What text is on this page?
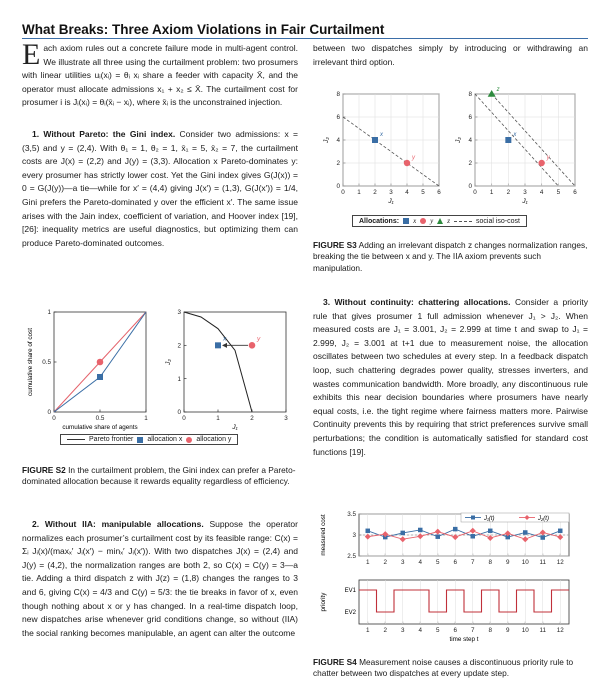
What Breaks: Three Axiom Violations in Fair Curtailment

Each axiom rules out a concrete failure mode in multi-agent control. We illustrate all three using the curtailment problem: two prosumers with linear utilities uᵢ(xᵢ) = θᵢ xᵢ share a feeder with capacity X̄, and the operator must allocate admissions x₁ + x₂ ≤ X̄. The curtailment cost for prosumer i is Jᵢ(xᵢ) = θᵢ(x̄ᵢ − xᵢ), where x̄ᵢ is the unconstrained injection.

1. Without Pareto: the Gini index. Consider two admissions: x = (3,5) and y = (2,4). With θ₁ = 1, θ₂ = 1, x̄₁ = 5, x̄₂ = 7, the curtailment costs are J(x) = (2,2) and J(y) = (3,3). Allocation x Pareto-dominates y: every prosumer has strictly lower cost. Yet the Gini index gives G(J(x)) = 0 = G(J(y))—a tie—while for x′ = (4,4) giving J(x′) = (1,3), G(J(x′)) = 1/4, Gini prefers the Pareto-dominated y over the efficient x′. The same issue arises with the Jain index, coefficient of variation, and Hoover index [19], [26]: inequality metrics are useful diagnostics, but optimizing them can produce Pareto-dominated outcomes.

0	0.5	1
0
0.5
1
cumulative share of agents
cumulative share of cost
0	1	2	3
0
1
2
3
J₁
J₂
x	y
Pareto frontier allocation x allocation y
FIGURE S2 In the curtailment problem, the Gini index can prefer a Pareto-dominated allocation because it rewards equality regardless of efficiency.

2. Without IIA: manipulable allocations. Suppose the operator normalizes each prosumer’s curtailment cost by its feasible range: C(x) = Σᵢ Jᵢ(x)/(maxₓ′ Jᵢ(x′) − minₓ′ Jᵢ(x′)). With two dispatches J(x) = (2,4) and J(y) = (4,2), the normalization ranges are both 2, so C(x) = C(y) = 3—a tie. Adding a third dispatch z with J(z) = (1,8) changes the ranges to 3 and 6, giving C(x) = 4/3 and C(y) = 5/3: the tie breaks in favor of x, even though nothing about x or y has changed. In a real-time dispatch loop, new dispatches arise whenever grid conditions change, so without (IIA) the social ranking becomes manipulable, an agent can alter the outcome

between two dispatches simply by introducing or withdrawing an irrelevant third option.

0 1 2 3 4 5 6
0
2
4
6
8
J₁
J₂
x
y
0 1 2 3 4 5 6
0
2
4
6
8
J₁
J₂
x
y
z
Allocations: x y z	social iso-cost
FIGURE S3 Adding an irrelevant dispatch z changes normalization ranges, breaking the tie between x and y. The IIA axiom prevents such manipulation.

3. Without continuity: chattering allocations. Consider a priority rule that gives prosumer 1 full admission whenever J₁ > J₂. When measured costs are J₁ = 3.001, J₂ = 2.999 at time t and swap to J₁ = 2.999, J₂ = 3.001 at t+1 due to measurement noise, the allocation oscillates between two schedules at every step. In a feedback dispatch loop, such chattering degrades power quality, stresses inverters, and wastes communication bandwidth. More broadly, any discontinuous rule exhibits this near decision boundaries where prosumers have nearly equal costs, i.e. the tight regime where fairness matters more. Pairwise Continuity prevents this by requiring that strict preferences survive small perturbations; the condition is automatically satisfied for standard cost functions [19].

1 2 3 4 5 6 7 8 9 10 11 12
2.5
3
3.5
measured cost	J₁(t)	J₂(t)
1 2 3 4 5 6 7 8 9 10 11 12
EV1
EV2
priority
time step t
FIGURE S4 Measurement noise causes a discontinuous priority rule to chatter between two dispatches at every update step.
